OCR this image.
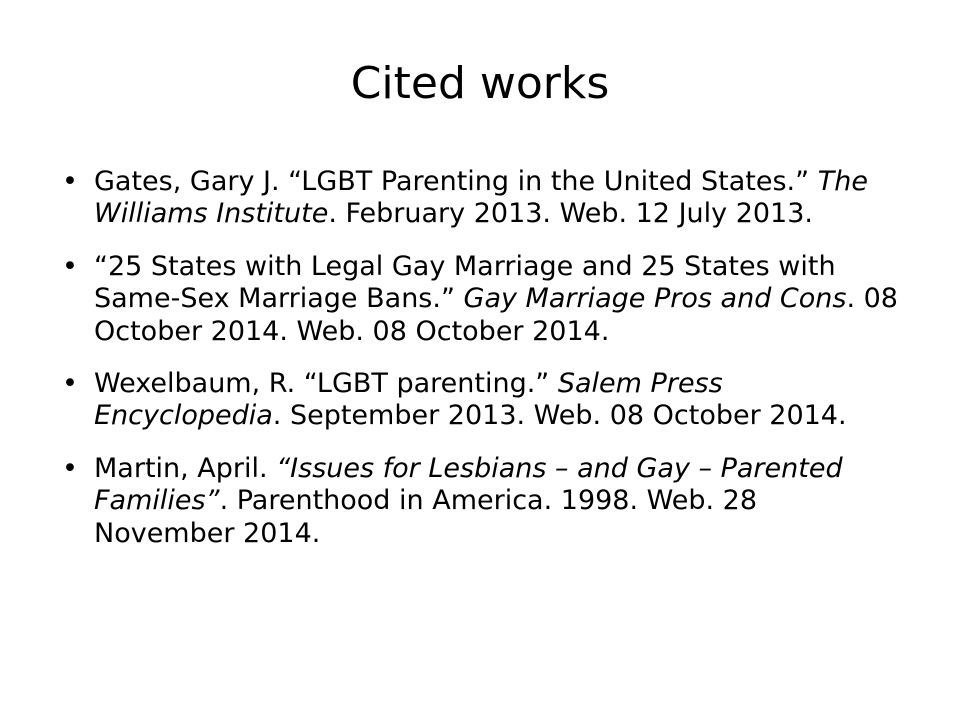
Cited works
• Gates, Gary J. “LGBT Parenting in the United States.” The Williams Institute. February 2013. Web. 12 July 2013.
• “25 States with Legal Gay Marriage and 25 States with Same-Sex Marriage Bans.” Gay Marriage Pros and Cons. 08 October 2014. Web. 08 October 2014.
• Wexelbaum, R. “LGBT parenting.” Salem Press Encyclopedia. September 2013. Web. 08 October 2014.
• Martin, April. “Issues for Lesbians – and Gay – Parented Families”. Parenthood in America. 1998. Web. 28 November 2014.
